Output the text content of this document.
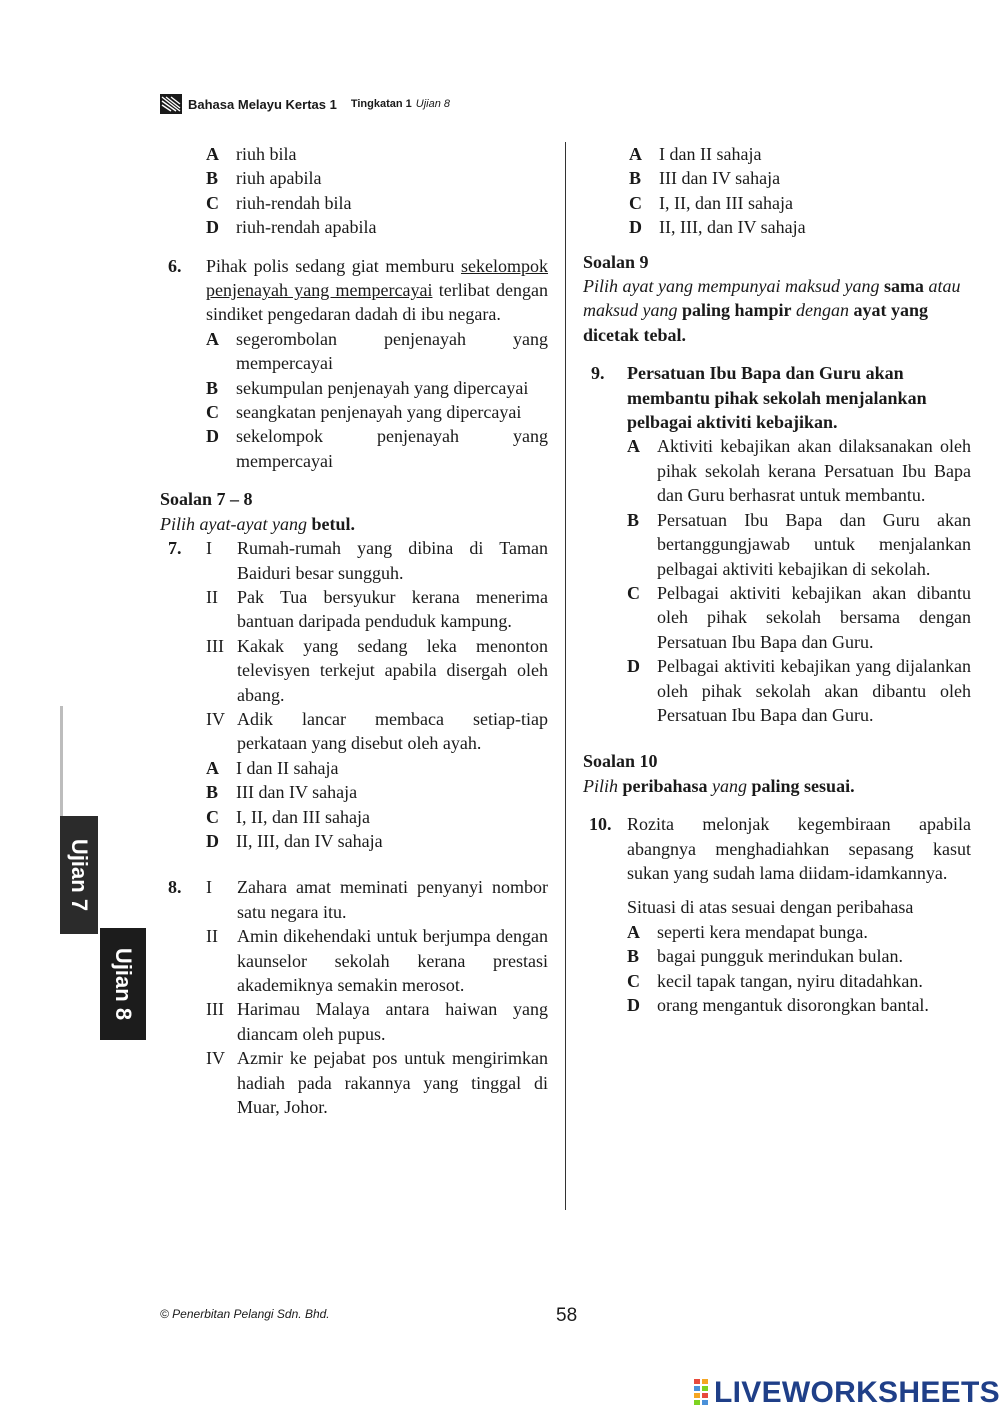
Bahasa Melayu Kertas 1 Tingkatan 1 Ujian 8
A riuh bila
B riuh apabila
C riuh-rendah bila
D riuh-rendah apabila
6.	Pihak polis sedang giat memburu sekelompok penjenayah yang mempercayai terlibat dengan sindiket pengedaran dadah di ibu negara.
A segerombolan penjenayah yang mempercayai
B sekumpulan penjenayah yang dipercayai
C seangkatan penjenayah yang dipercayai
D sekelompok penjenayah yang mempercayai
Soalan 7 – 8
Pilih ayat-ayat yang betul.
7.	I	Rumah-rumah yang dibina di Taman Baiduri besar sungguh.
II	Pak Tua bersyukur kerana menerima bantuan daripada penduduk kampung.
III Kakak yang sedang leka menonton televisyen terkejut apabila disergah oleh abang.
IV Adik lancar membaca setiap-tiap perkataan yang disebut oleh ayah.
A I dan II sahaja
B III dan IV sahaja
C I, II, dan III sahaja
D II, III, dan IV sahaja
8.	I	Zahara amat meminati penyanyi nombor satu negara itu.
II	Amin dikehendaki untuk berjumpa dengan kaunselor sekolah kerana prestasi akademiknya semakin merosot.
III Harimau Malaya antara haiwan yang diancam oleh pupus.
IV Azmir ke pejabat pos untuk mengirimkan hadiah pada rakannya yang tinggal di Muar, Johor.
A I dan II sahaja
B III dan IV sahaja
C I, II, dan III sahaja
D II, III, dan IV sahaja
Soalan 9
Pilih ayat yang mempunyai maksud yang sama atau maksud yang paling hampir dengan ayat yang dicetak tebal.
9.	Persatuan Ibu Bapa dan Guru akan membantu pihak sekolah menjalankan pelbagai aktiviti kebajikan.
A Aktiviti kebajikan akan dilaksanakan oleh pihak sekolah kerana Persatuan Ibu Bapa dan Guru berhasrat untuk membantu.
B Persatuan Ibu Bapa dan Guru akan bertanggungjawab untuk menjalankan pelbagai aktiviti kebajikan di sekolah.
C Pelbagai aktiviti kebajikan akan dibantu oleh pihak sekolah bersama dengan Persatuan Ibu Bapa dan Guru.
D Pelbagai aktiviti kebajikan yang dijalankan oleh pihak sekolah akan dibantu oleh Persatuan Ibu Bapa dan Guru.
Soalan 10
Pilih peribahasa yang paling sesuai.
10. Rozita melonjak kegembiraan apabila abangnya menghadiahkan sepasang kasut sukan yang sudah lama diidam-idamkannya.
Situasi di atas sesuai dengan peribahasa
A seperti kera mendapat bunga.
B bagai pungguk merindukan bulan.
C kecil tapak tangan, nyiru ditadahkan.
D orang mengantuk disorongkan bantal.
Ujian 7
Ujian 8
© Penerbitan Pelangi Sdn. Bhd.	58
LIVEWORKSHEETS
